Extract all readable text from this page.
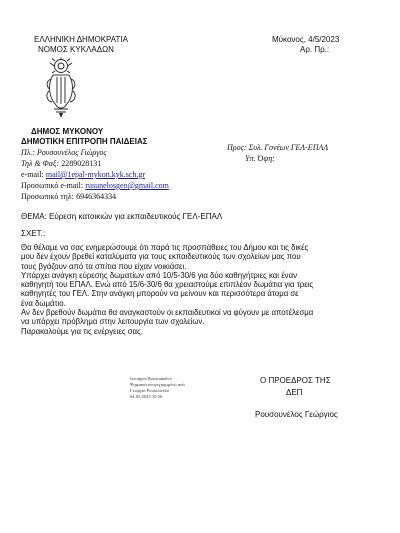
ΕΛΛΗΝΙΚΗ ΔΗΜΟΚΡΑΤΙΑ
ΝΟΜΟΣ ΚΥΚΛΑΔΩΝ
Μύκονος, 4/5/2023
Αρ. Πρ.:
ΔΗΜΟΣ ΜΥΚΟΝΟΥ
ΔΗΜΟΤΙΚΗ ΕΠΙΤΡΟΠΗ ΠΑΙΔΕΙΑΣ
Πλ.: Ρουσουνέλος Γιώργος
Τηλ & Φαξ: 2289028131
e-mail: mail@1epal-mykon.kyk.sch.gr
Προσωπικό e-mail: rusunelosgeo@gmail.com
Προσωπικό τηλ: 6946364334
Προς: Συλ. Γονέων ΓΕΛ-ΕΠΑΛ
Υπ. Όψη:
ΘΕΜΑ: Εύρεση κατοικιών για εκπαιδευτικούς ΓΕΛ-ΕΠΑΛ
ΣΧΕΤ.:
Θα θέλαμε να σας ενημερώσουμε ότι παρά τις προσπάθειες του Δήμου και τις δικές
μου δεν έχουν βρεθεί καταλύματα για τους εκπαιδευτικούς των σχολείων μας που
τους βγάζουν από τα σπίτια που είχαν νοικιάσει.
Υπάρχει ανάγκη εύρεσης δωματίων από 10/5-30/6 για δύο καθηγήτριες και έναν
καθηγητή του ΕΠΑΛ. Ενώ από 15/6-30/6 θα χρειαστούμε επιπλέον δωμάτια για τρεις
καθηγητές του ΓΕΛ. Στην ανάγκη μπορούν να μείνουν και περισσότερα άτομα σε
ένα δωμάτιο.
Αν δεν βρεθούν δωμάτια θα αναγκαστούν οι εκπαιδευτικοί να φύγουν με αποτέλεσμα
να υπάρχει πρόβλημα στην λειτουργία των σχολείων.
Παρακαλούμε για τις ενέργειες σας.
Georgios Rousounelos
Ψηφιακά υπογεγραμμένο από
Γεώργιο Ρουσουνέλο
04.05.2023 10:56
Ο ΠΡΟΕΔΡΟΣ ΤΗΣ
ΔΕΠ
Ρουσουνέλος Γεώργιος
